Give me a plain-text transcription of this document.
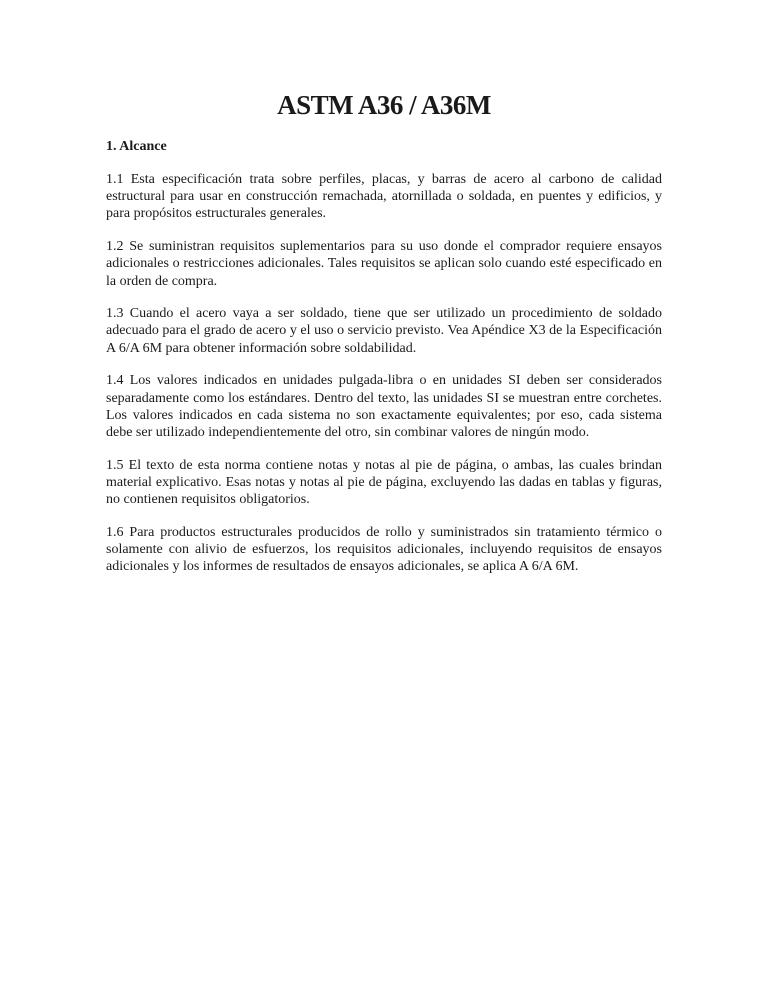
ASTM A36 / A36M
1. Alcance

1.1 Esta especificación trata sobre perfiles, placas, y barras de acero al carbono de calidad estructural para usar en construcción remachada, atornillada o soldada, en puentes y edificios, y para propósitos estructurales generales.

1.2 Se suministran requisitos suplementarios para su uso donde el comprador requiere ensayos adicionales o restricciones adicionales. Tales requisitos se aplican solo cuando esté especificado en la orden de compra.

1.3 Cuando el acero vaya a ser soldado, tiene que ser utilizado un procedimiento de soldado adecuado para el grado de acero y el uso o servicio previsto. Vea Apéndice X3 de la Especificación A 6/A 6M para obtener información sobre soldabilidad.

1.4 Los valores indicados en unidades pulgada-libra o en unidades SI deben ser considerados separadamente como los estándares. Dentro del texto, las unidades SI se muestran entre corchetes. Los valores indicados en cada sistema no son exactamente equivalentes; por eso, cada sistema debe ser utilizado independientemente del otro, sin combinar valores de ningún modo.

1.5 El texto de esta norma contiene notas y notas al pie de página, o ambas, las cuales brindan material explicativo. Esas notas y notas al pie de página, excluyendo las dadas en tablas y figuras, no contienen requisitos obligatorios.

1.6 Para productos estructurales producidos de rollo y suministrados sin tratamiento térmico o solamente con alivio de esfuerzos, los requisitos adicionales, incluyendo requisitos de ensayos adicionales y los informes de resultados de ensayos adicionales, se aplica A 6/A 6M.
